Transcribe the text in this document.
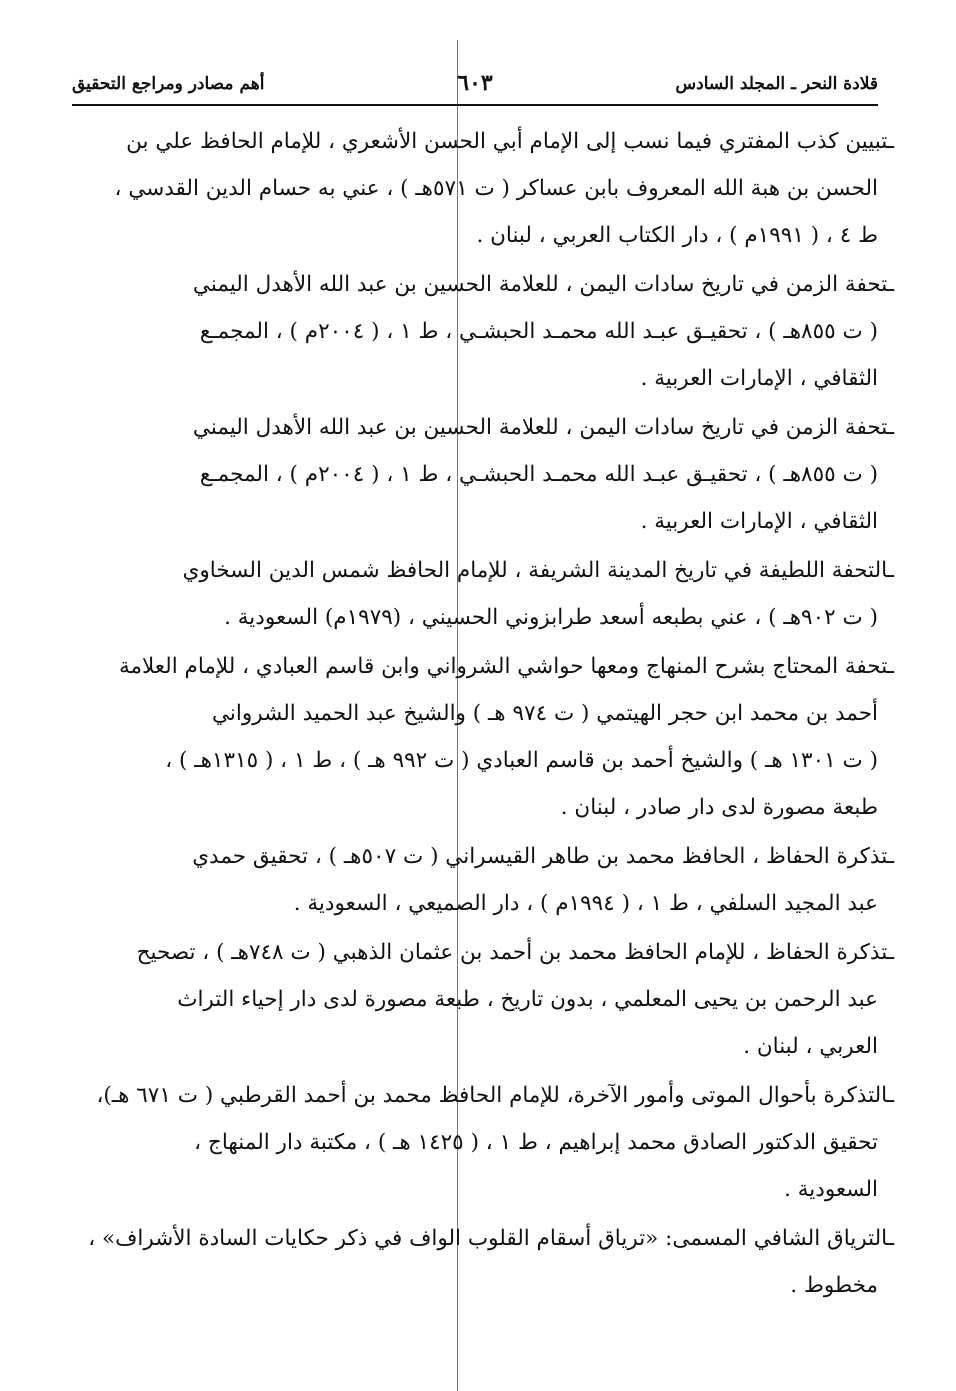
قلادة النحر ـ المجلد السادس
٦٠٣
أهم مصادر ومراجع التحقيق
ـتبيين كذب المفتري فيما نسب إلى الإمام أبي الحسن الأشعري ، للإمام الحافظ علي بن
الحسن بن هبة الله المعروف بابن عساكر ( ت ٥٧١هـ ) ، عني به حسام الدين القدسي ،
ط ٤ ، ( ١٩٩١م ) ، دار الكتاب العربي ، لبنان .
ـتحفة الزمن في تاريخ سادات اليمن ، للعلامة الحسين بن عبد الله الأهدل اليمني
( ت ٨٥٥هـ ) ، تحقيـق عبـد الله محمـد الحبشـي ، ط ١ ، ( ٢٠٠٤م ) ، المجمـع
الثقافي ، الإمارات العربية .
ـتحفة الزمن في تاريخ سادات اليمن ، للعلامة الحسين بن عبد الله الأهدل اليمني
( ت ٨٥٥هـ ) ، تحقيـق عبـد الله محمـد الحبشـي ، ط ١ ، ( ٢٠٠٤م ) ، المجمـع
الثقافي ، الإمارات العربية .
ـالتحفة اللطيفة في تاريخ المدينة الشريفة ، للإمام الحافظ شمس الدين السخاوي
( ت ٩٠٢هـ ) ، عني بطبعه أسعد طرابزوني الحسيني ، (١٩٧٩م) السعودية .
ـتحفة المحتاج بشرح المنهاج ومعها حواشي الشرواني وابن قاسم العبادي ، للإمام العلامة
أحمد بن محمد ابن حجر الهيتمي ( ت ٩٧٤ هـ ) والشيخ عبد الحميد الشرواني
( ت ١٣٠١ هـ ) والشيخ أحمد بن قاسم العبادي ( ت ٩٩٢ هـ ) ، ط ١ ، ( ١٣١٥هـ ) ،
طبعة مصورة لدى دار صادر ، لبنان .
ـتذكرة الحفاظ ، الحافظ محمد بن طاهر القيسراني ( ت ٥٠٧هـ ) ، تحقيق حمدي
عبد المجيد السلفي ، ط ١ ، ( ١٩٩٤م ) ، دار الصميعي ، السعودية .
ـتذكرة الحفاظ ، للإمام الحافظ محمد بن أحمد بن عثمان الذهبي ( ت ٧٤٨هـ ) ، تصحيح
عبد الرحمن بن يحيى المعلمي ، بدون تاريخ ، طبعة مصورة لدى دار إحياء التراث
العربي ، لبنان .
ـالتذكرة بأحوال الموتى وأمور الآخرة، للإمام الحافظ محمد بن أحمد القرطبي ( ت ٦٧١ هـ)،
تحقيق الدكتور الصادق محمد إبراهيم ، ط ١ ، ( ١٤٢٥ هـ ) ، مكتبة دار المنهاج ،
السعودية .
ـالترياق الشافي المسمى: «ترياق أسقام القلوب الواف في ذكر حكايات السادة الأشراف» ،
مخطوط .
